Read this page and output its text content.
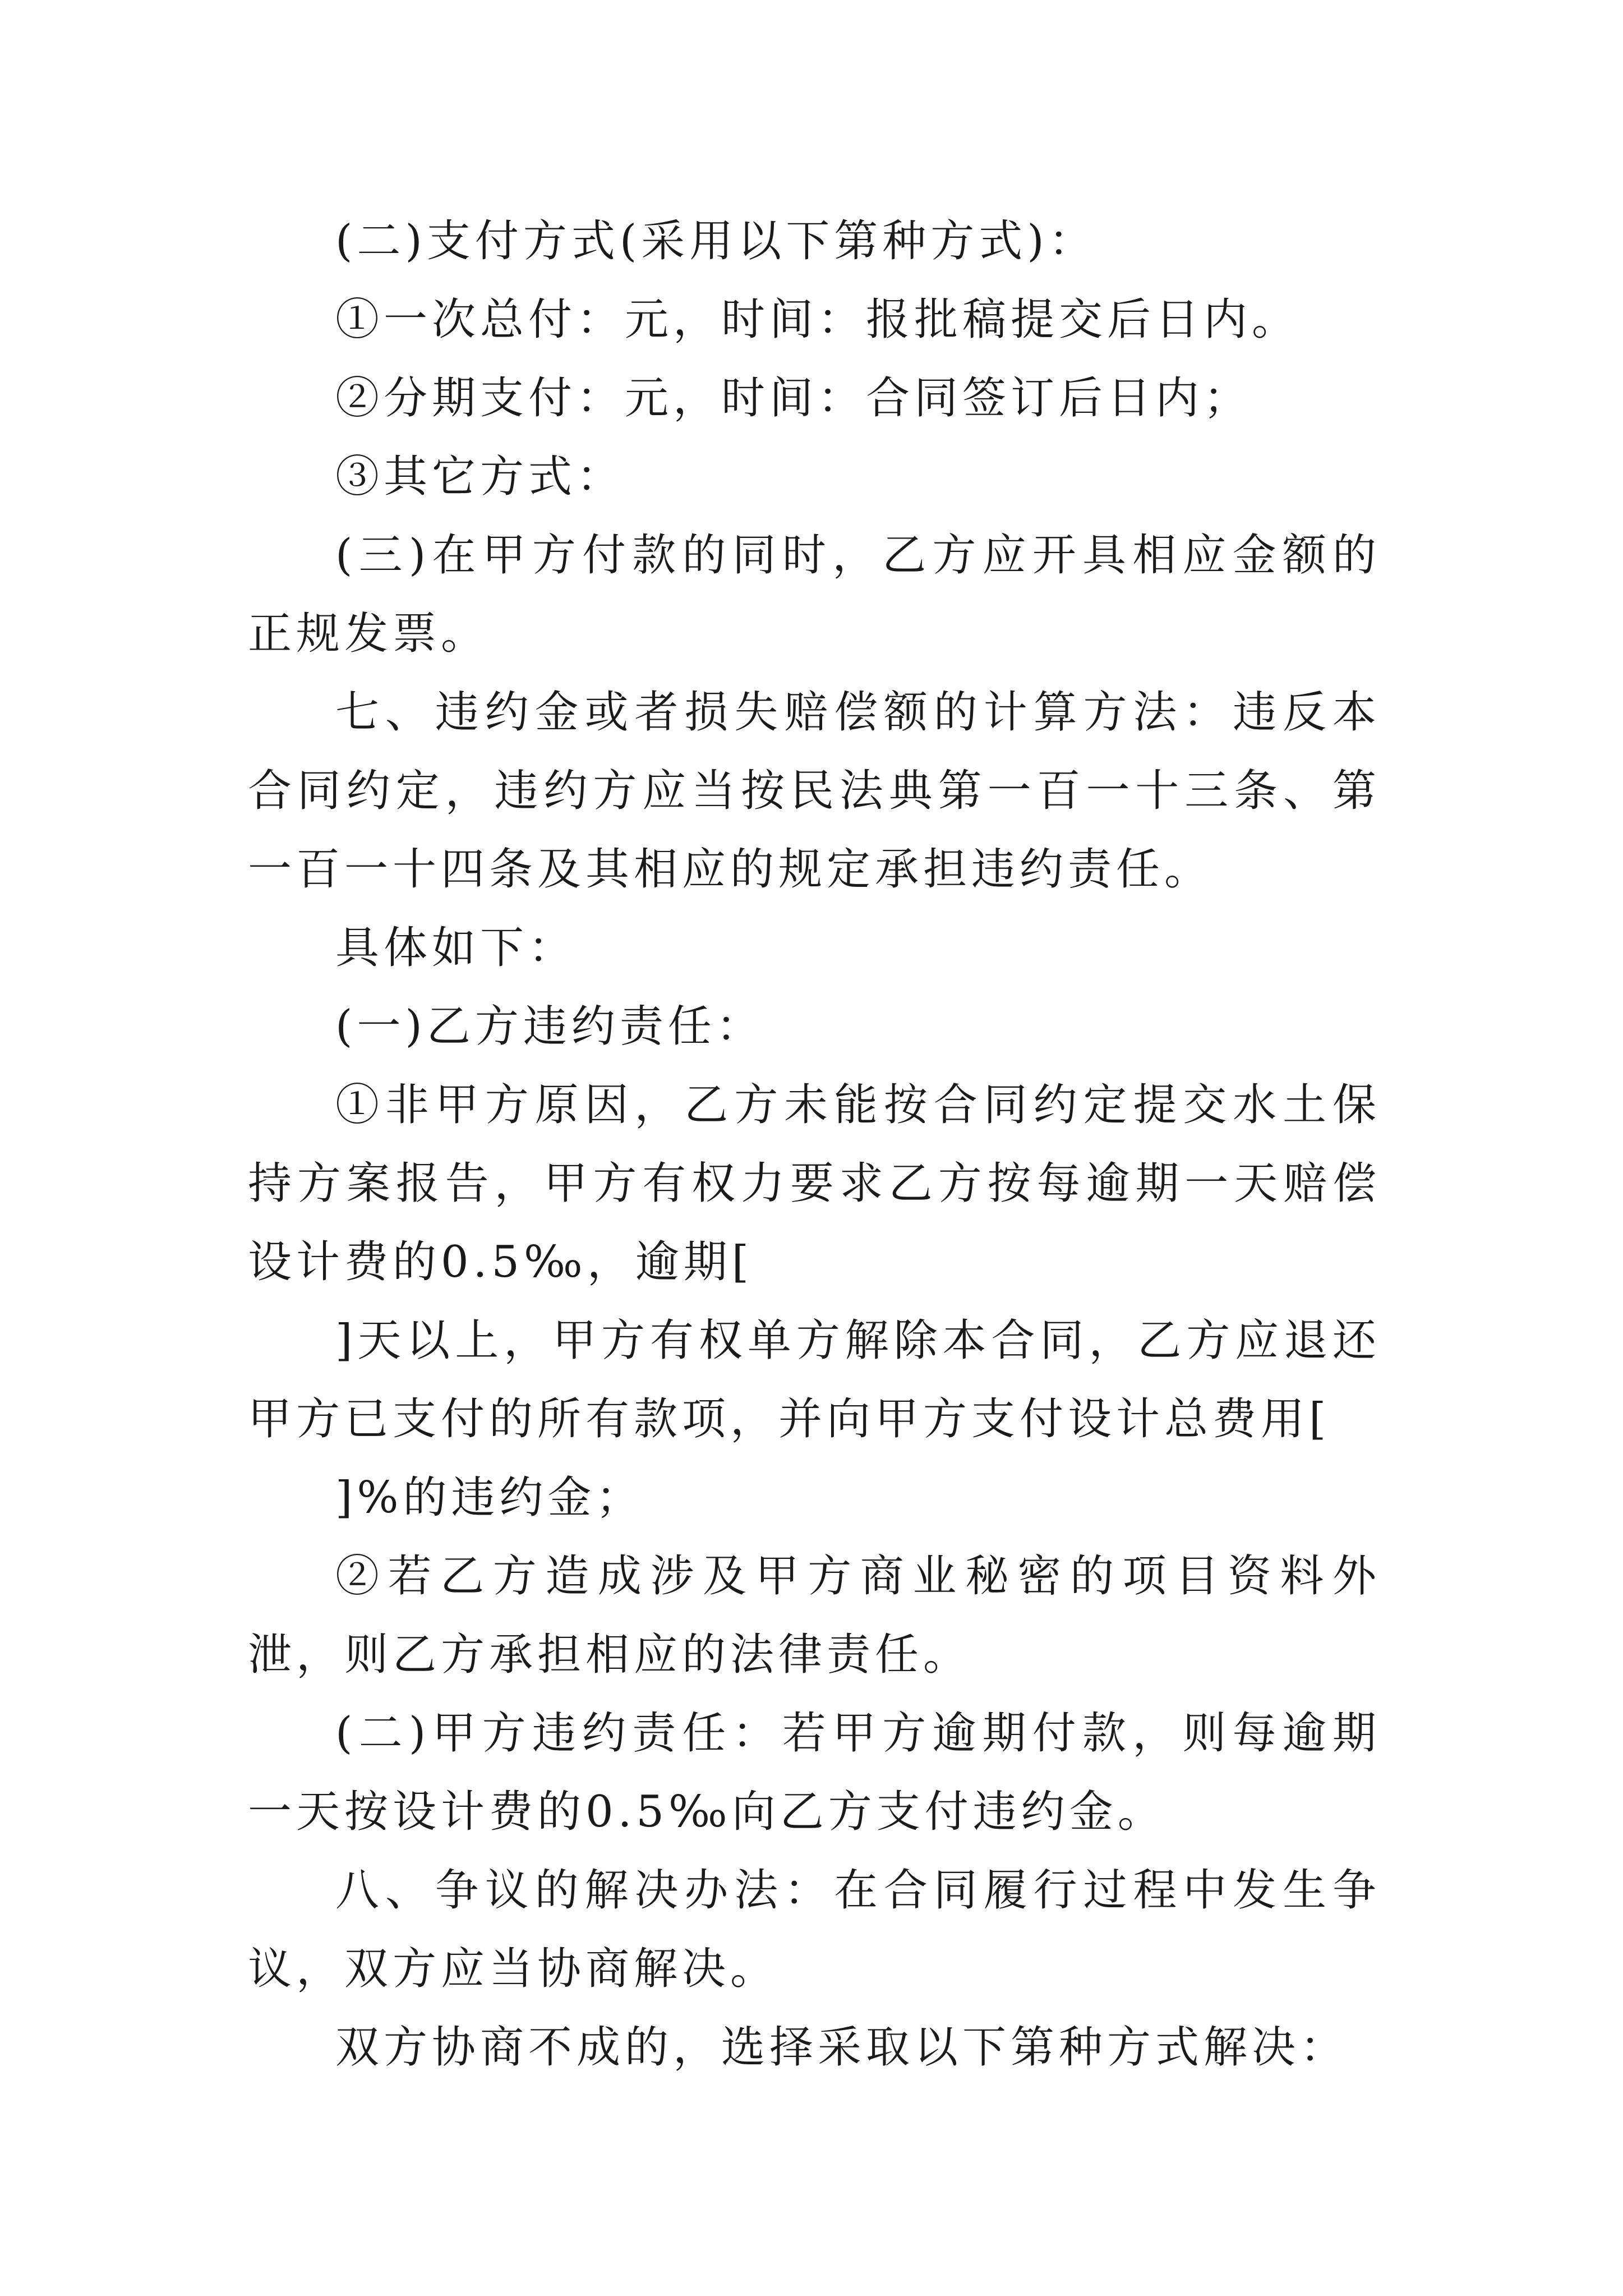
(二)支付方式(采用以下第种方式)：

①一次总付：元，时间：报批稿提交后日内。

②分期支付：元，时间：合同签订后日内；

③其它方式：

(三)在甲方付款的同时，乙方应开具相应金额的正规发票。

七、违约金或者损失赔偿额的计算方法：违反本合同约定，违约方应当按民法典第一百一十三条、第一百一十四条及其相应的规定承担违约责任。

具体如下：

(一)乙方违约责任：

①非甲方原因，乙方未能按合同约定提交水土保持方案报告，甲方有权力要求乙方按每逾期一天赔偿设计费的0.5‰，逾期[

]天以上，甲方有权单方解除本合同，乙方应退还甲方已支付的所有款项，并向甲方支付设计总费用[

]%的违约金；

②若乙方造成涉及甲方商业秘密的项目资料外泄，则乙方承担相应的法律责任。

(二)甲方违约责任：若甲方逾期付款，则每逾期一天按设计费的0.5‰向乙方支付违约金。

八、争议的解决办法：在合同履行过程中发生争议，双方应当协商解决。

双方协商不成的，选择采取以下第种方式解决：
